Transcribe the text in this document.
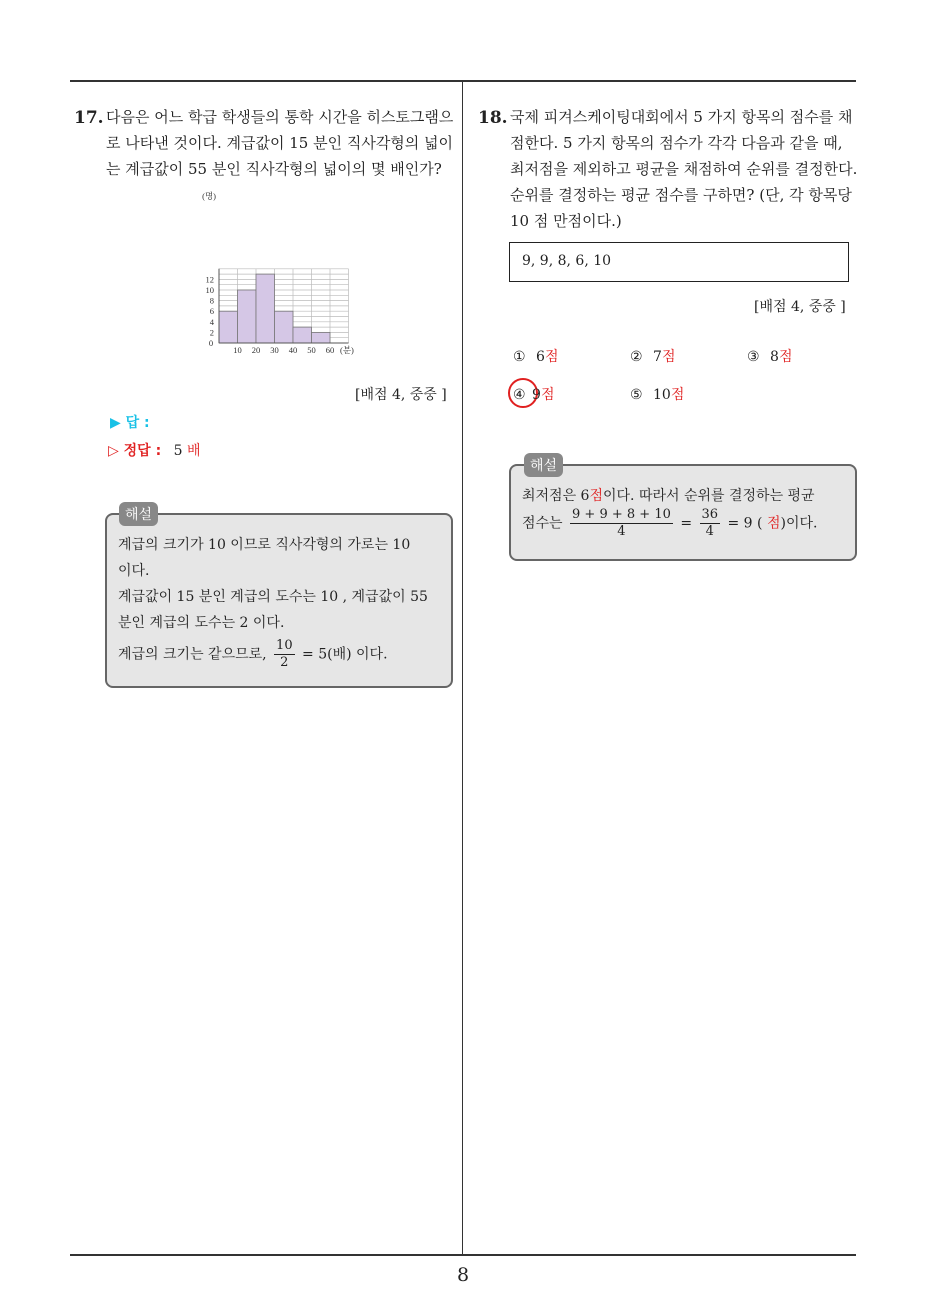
17. 다음은 어느 학급 학생들의 통학 시간을 히스토그램으
로 나타낸 것이다. 계급값이 15 분인 직사각형의 넓이
는 계급값이 55 분인 직사각형의 넓이의 몇 배인가?
0
10 20 30 40 50 60 (분)
2
4
6
8
10
12
(명)
[배점 4, 중중 ]
▶ 답 :
▷ 정답 : 5 배
해설
계급의 크기가 10 이므로 직사각형의 가로는 10
이다.
계급값이 15 분인 계급의 도수는 10 , 계급값이 55
분인 계급의 도수는 2 이다.
계급의 크기는 같으므로, $\frac{10}{2} = 5$(배) 이다.
18. 국제 피겨스케이팅대회에서 5 가지 항목의 점수를 채
점한다. 5 가지 항목의 점수가 각각 다음과 같을 때,
최저점을 제외하고 평균을 채점하여 순위를 결정한다.
순위를 결정하는 평균 점수를 구하면? (단, 각 항목당
10 점 만점이다.)
9, 9, 8, 6, 10
[배점 4, 중중 ]
① 6점	② 7점	③ 8점
④ 9점	⑤ 10점
해설
최저점은 6점이다. 따라서 순위를 결정하는 평균
점수는 $\frac{9 + 9 + 8 + 10}{4} = \frac{36}{4} = 9$ ( 점)이다.
8
